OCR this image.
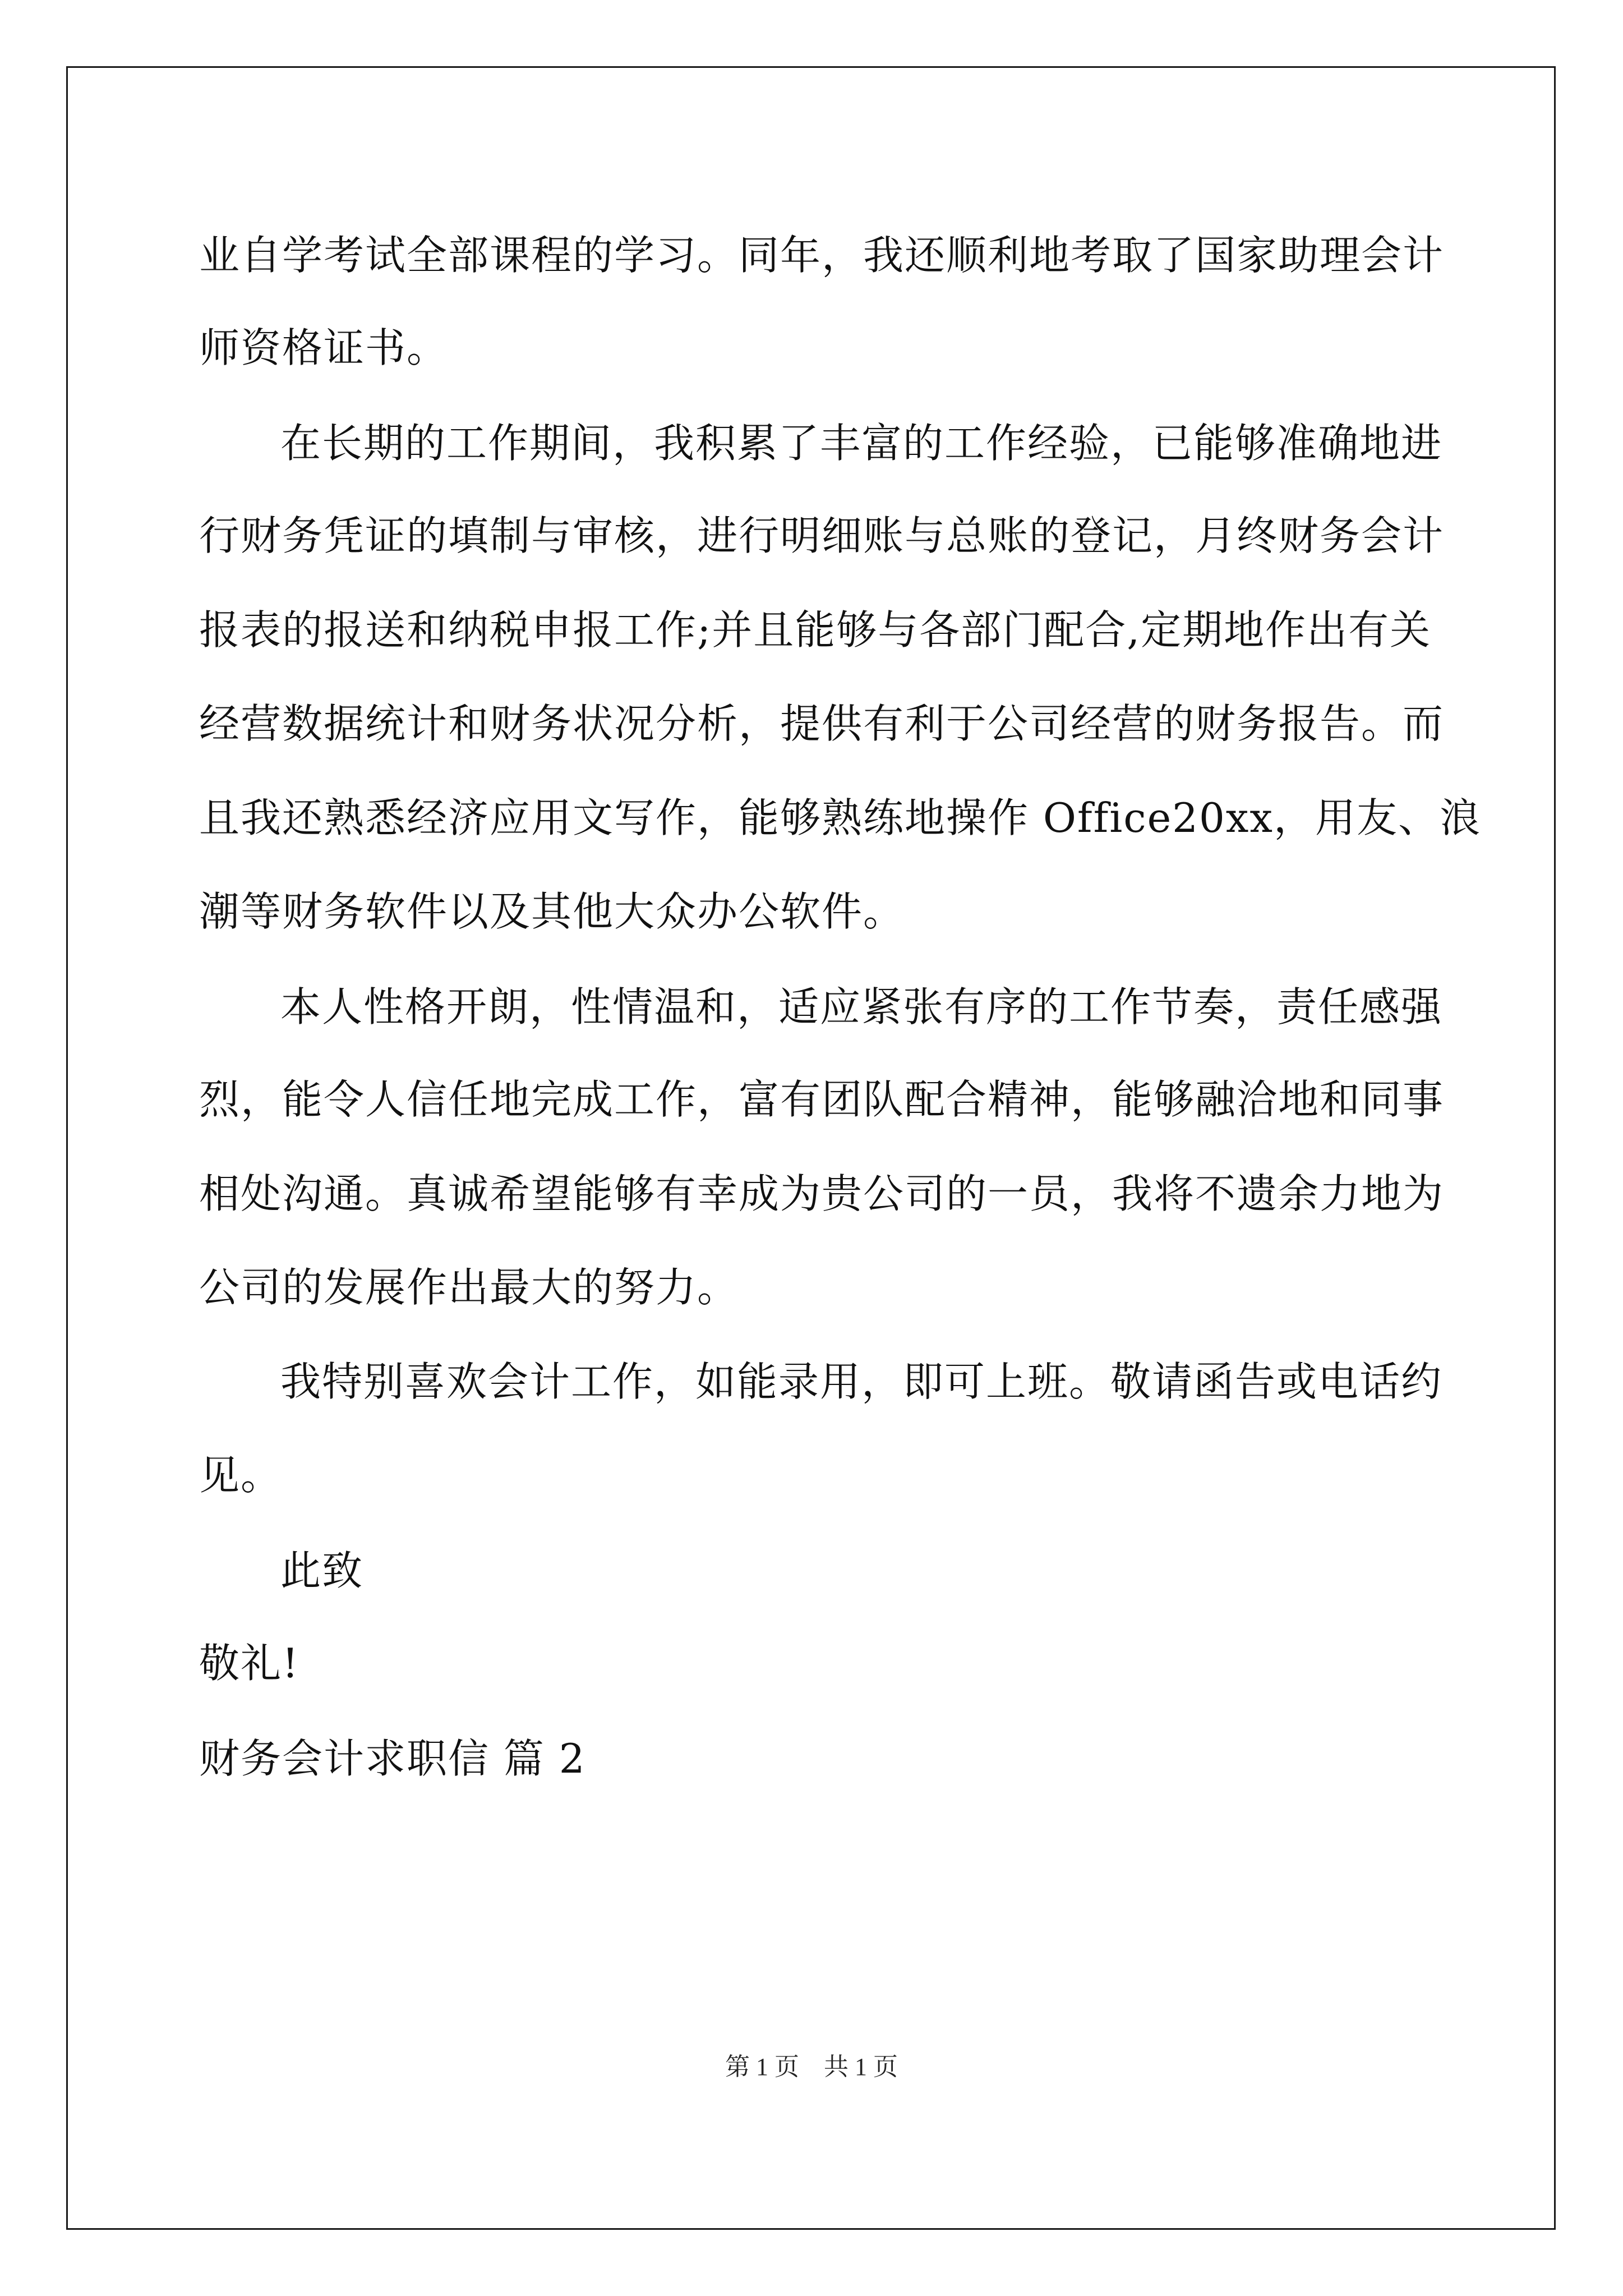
业自学考试全部课程的学习。同年，我还顺利地考取了国家助理会计
师资格证书。
在长期的工作期间，我积累了丰富的工作经验，已能够准确地进
行财务凭证的填制与审核，进行明细账与总账的登记，月终财务会计
报表的报送和纳税申报工作;并且能够与各部门配合,定期地作出有关
经营数据统计和财务状况分析，提供有利于公司经营的财务报告。而
且我还熟悉经济应用文写作，能够熟练地操作 Office20xx，用友、浪
潮等财务软件以及其他大众办公软件。
本人性格开朗，性情温和，适应紧张有序的工作节奏，责任感强
烈，能令人信任地完成工作，富有团队配合精神，能够融洽地和同事
相处沟通。真诚希望能够有幸成为贵公司的一员，我将不遗余力地为
公司的发展作出最大的努力。
我特别喜欢会计工作，如能录用，即可上班。敬请函告或电话约
见。
此致
敬礼!
财务会计求职信 篇 2
第 1 页　共 1 页
